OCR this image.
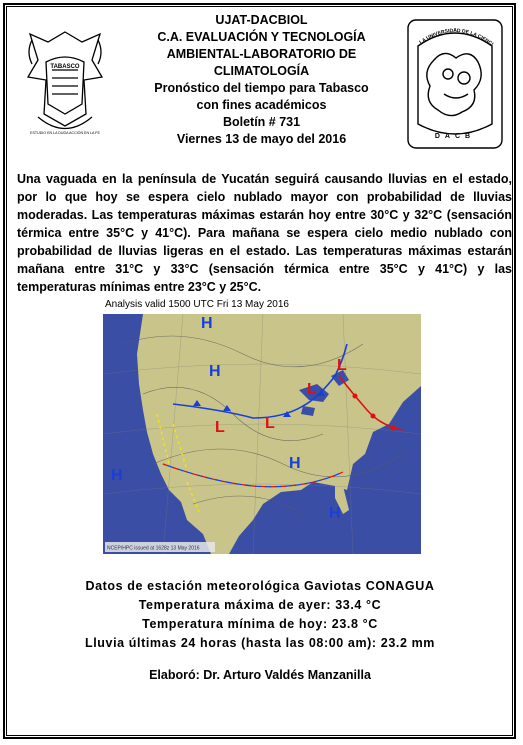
TABASCO
ESTUDIO EN LA DUDA ACCIÓN EN LA FE
UJAT-DACBIOL
C.A. EVALUACIÓN Y TECNOLOGÍA
AMBIENTAL-LABORATORIO DE
CLIMATOLOGÍA
Pronóstico del tiempo para Tabasco
con fines académicos
Boletín # 731
Viernes 13 de mayo del 2016
LA UNIVERSIDAD DE LA CIENCI
DACB

Una vaguada en la península de Yucatán seguirá causando lluvias en el estado, por lo que hoy se espera cielo nublado mayor con probabilidad de lluvias moderadas. Las temperaturas máximas estarán hoy entre 30°C y 32°C (sensación térmica entre 35°C y 41°C). Para mañana se espera cielo medio nublado con probabilidad de lluvias ligeras en el estado. Las temperaturas máximas estarán mañana entre 31°C y 33°C (sensación térmica entre 35°C y 41°C) y las temperaturas mínimas entre 23°C y 25°C.

Analysis valid 1500 UTC Fri 13 May 2016
H
H
H
H
H
L
L
L	L
NCEP/HPC issued at 1628z 13 May 2016
Datos de estación meteorológica Gaviotas CONAGUA
Temperatura máxima de ayer: 33.4 °C
Temperatura mínima de hoy: 23.8 °C
Lluvia últimas 24 horas (hasta las 08:00 am): 23.2 mm
Elaboró: Dr. Arturo Valdés Manzanilla
